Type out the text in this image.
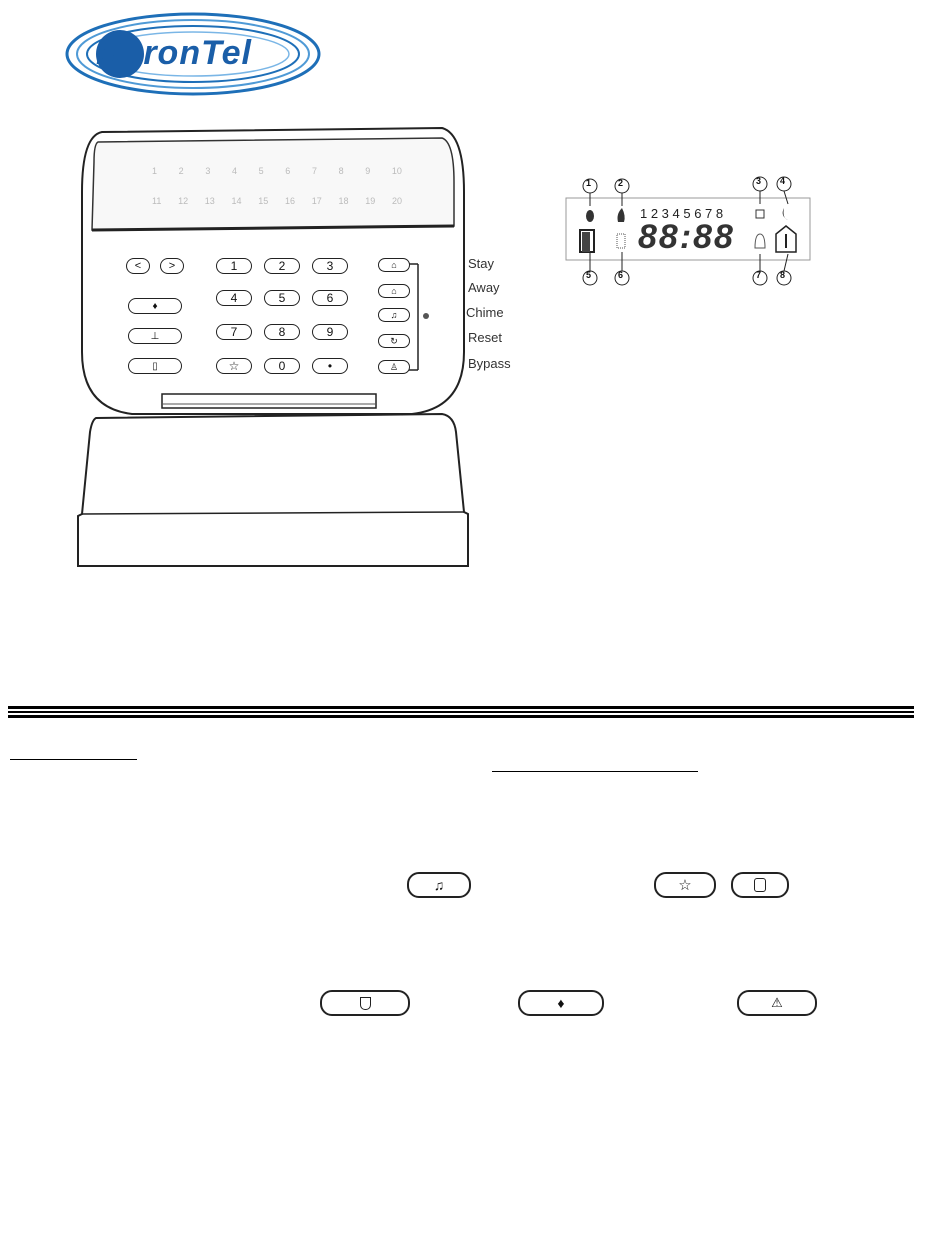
HuronTel
1 2 3 4 5 6 7 8 9 10
11 12 13 14 15 16 17 18 19 20
<	>
♦
⊥
▯
1	2	3
4	5	6
7	8	9
☆	0	•
⌂
⌂
♫
↻
♙
Stay
Away
Chime
Reset
Bypass
1	2	3 4
5	6	7 8
1 2 3 4 5 6 7 8
88:88
♫	☆
♦	⚠
